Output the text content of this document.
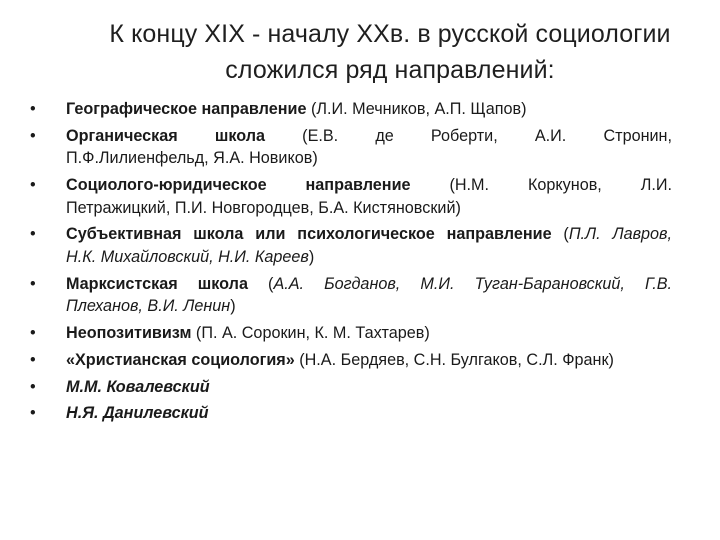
К концу XIX - началу XXв. в русской социологии
сложился ряд направлений:
•	Географическое направление (Л.И. Мечников, А.П. Щапов)
•	Органическая школа (Е.В. де Роберти, А.И. Стронин,
П.Ф.Лилиенфельд, Я.А. Новиков)
•	Социолого-юридическое направление (Н.М. Коркунов, Л.И.
Петражицкий, П.И. Новгородцев, Б.А. Кистяновский)
•	Субъективная школа или психологическое направление (П.Л. Лавров,
Н.К. Михайловский, Н.И. Кареев)
•	Марксистская школа (А.А. Богданов, М.И. Туган-Барановский, Г.В.
Плеханов, В.И. Ленин)
•	Неопозитивизм (П. А. Сорокин, К. М. Тахтарев)
•	«Христианская социология» (Н.А. Бердяев, С.Н. Булгаков, С.Л. Франк)
•	М.М. Ковалевский
•	Н.Я. Данилевский
